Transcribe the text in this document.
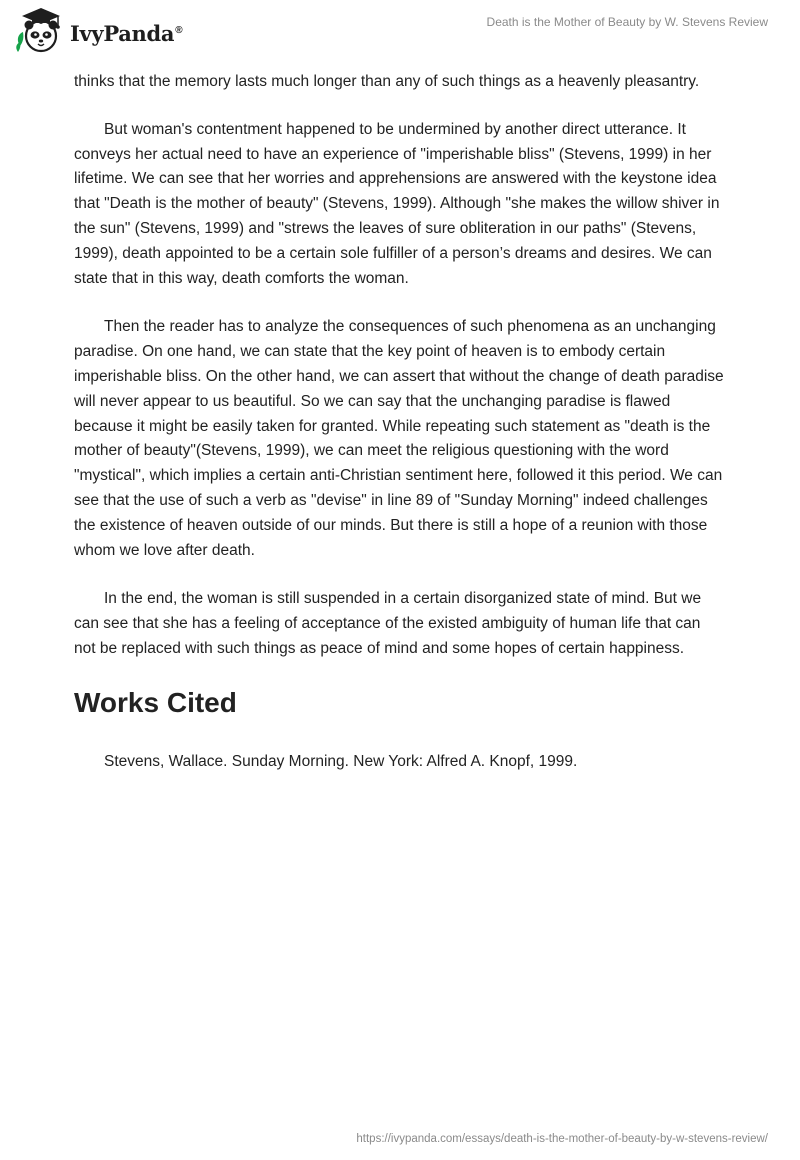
IvyPanda®
Death is the Mother of Beauty by W. Stevens Review

thinks that the memory lasts much longer than any of such things as a heavenly pleasantry.

But woman's contentment happened to be undermined by another direct utterance. It conveys her actual need to have an experience of "imperishable bliss" (Stevens, 1999) in her lifetime. We can see that her worries and apprehensions are answered with the keystone idea that "Death is the mother of beauty" (Stevens, 1999). Although "she makes the willow shiver in the sun" (Stevens, 1999) and "strews the leaves of sure obliteration in our paths" (Stevens, 1999), death appointed to be a certain sole fulfiller of a person’s dreams and desires. We can state that in this way, death comforts the woman.

Then the reader has to analyze the consequences of such phenomena as an unchanging paradise. On one hand, we can state that the key point of heaven is to embody certain imperishable bliss. On the other hand, we can assert that without the change of death paradise will never appear to us beautiful. So we can say that the unchanging paradise is flawed because it might be easily taken for granted. While repeating such statement as "death is the mother of beauty"(Stevens, 1999), we can meet the religious questioning with the word "mystical", which implies a certain anti-Christian sentiment here, followed it this period. We can see that the use of such a verb as "devise" in line 89 of "Sunday Morning" indeed challenges the existence of heaven outside of our minds. But there is still a hope of a reunion with those whom we love after death.

In the end, the woman is still suspended in a certain disorganized state of mind. But we can see that she has a feeling of acceptance of the existed ambiguity of human life that can not be replaced with such things as peace of mind and some hopes of certain happiness.

Works Cited

Stevens, Wallace. Sunday Morning. New York: Alfred A. Knopf, 1999.

https://ivypanda.com/essays/death-is-the-mother-of-beauty-by-w-stevens-review/
